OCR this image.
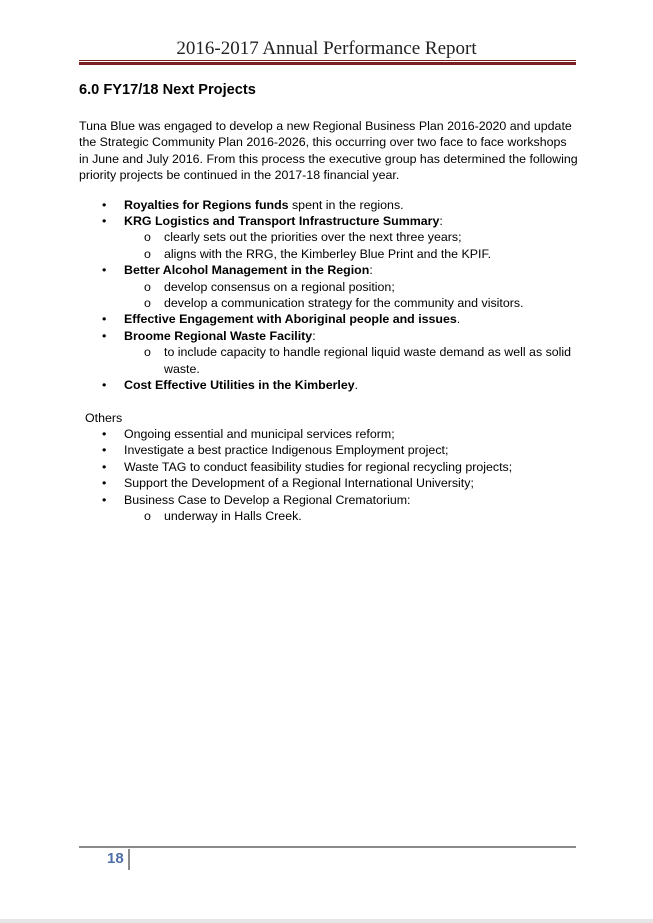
2016-2017 Annual Performance Report
6.0 FY17/18 Next Projects
Tuna Blue was engaged to develop a new Regional Business Plan 2016-2020 and update the Strategic Community Plan 2016-2026, this occurring over two face to face workshops in June and July 2016. From this process the executive group has determined the following priority projects be continued in the 2017-18 financial year.
• Royalties for Regions funds spent in the regions.
• KRG Logistics and Transport Infrastructure Summary:
o clearly sets out the priorities over the next three years;
o aligns with the RRG, the Kimberley Blue Print and the KPIF.
• Better Alcohol Management in the Region:
o develop consensus on a regional position;
o develop a communication strategy for the community and visitors.
• Effective Engagement with Aboriginal people and issues.
• Broome Regional Waste Facility:
o to include capacity to handle regional liquid waste demand as well as solid waste.
• Cost Effective Utilities in the Kimberley.
Others
• Ongoing essential and municipal services reform;
• Investigate a best practice Indigenous Employment project;
• Waste TAG to conduct feasibility studies for regional recycling projects;
• Support the Development of a Regional International University;
• Business Case to Develop a Regional Crematorium:
o underway in Halls Creek.
18
